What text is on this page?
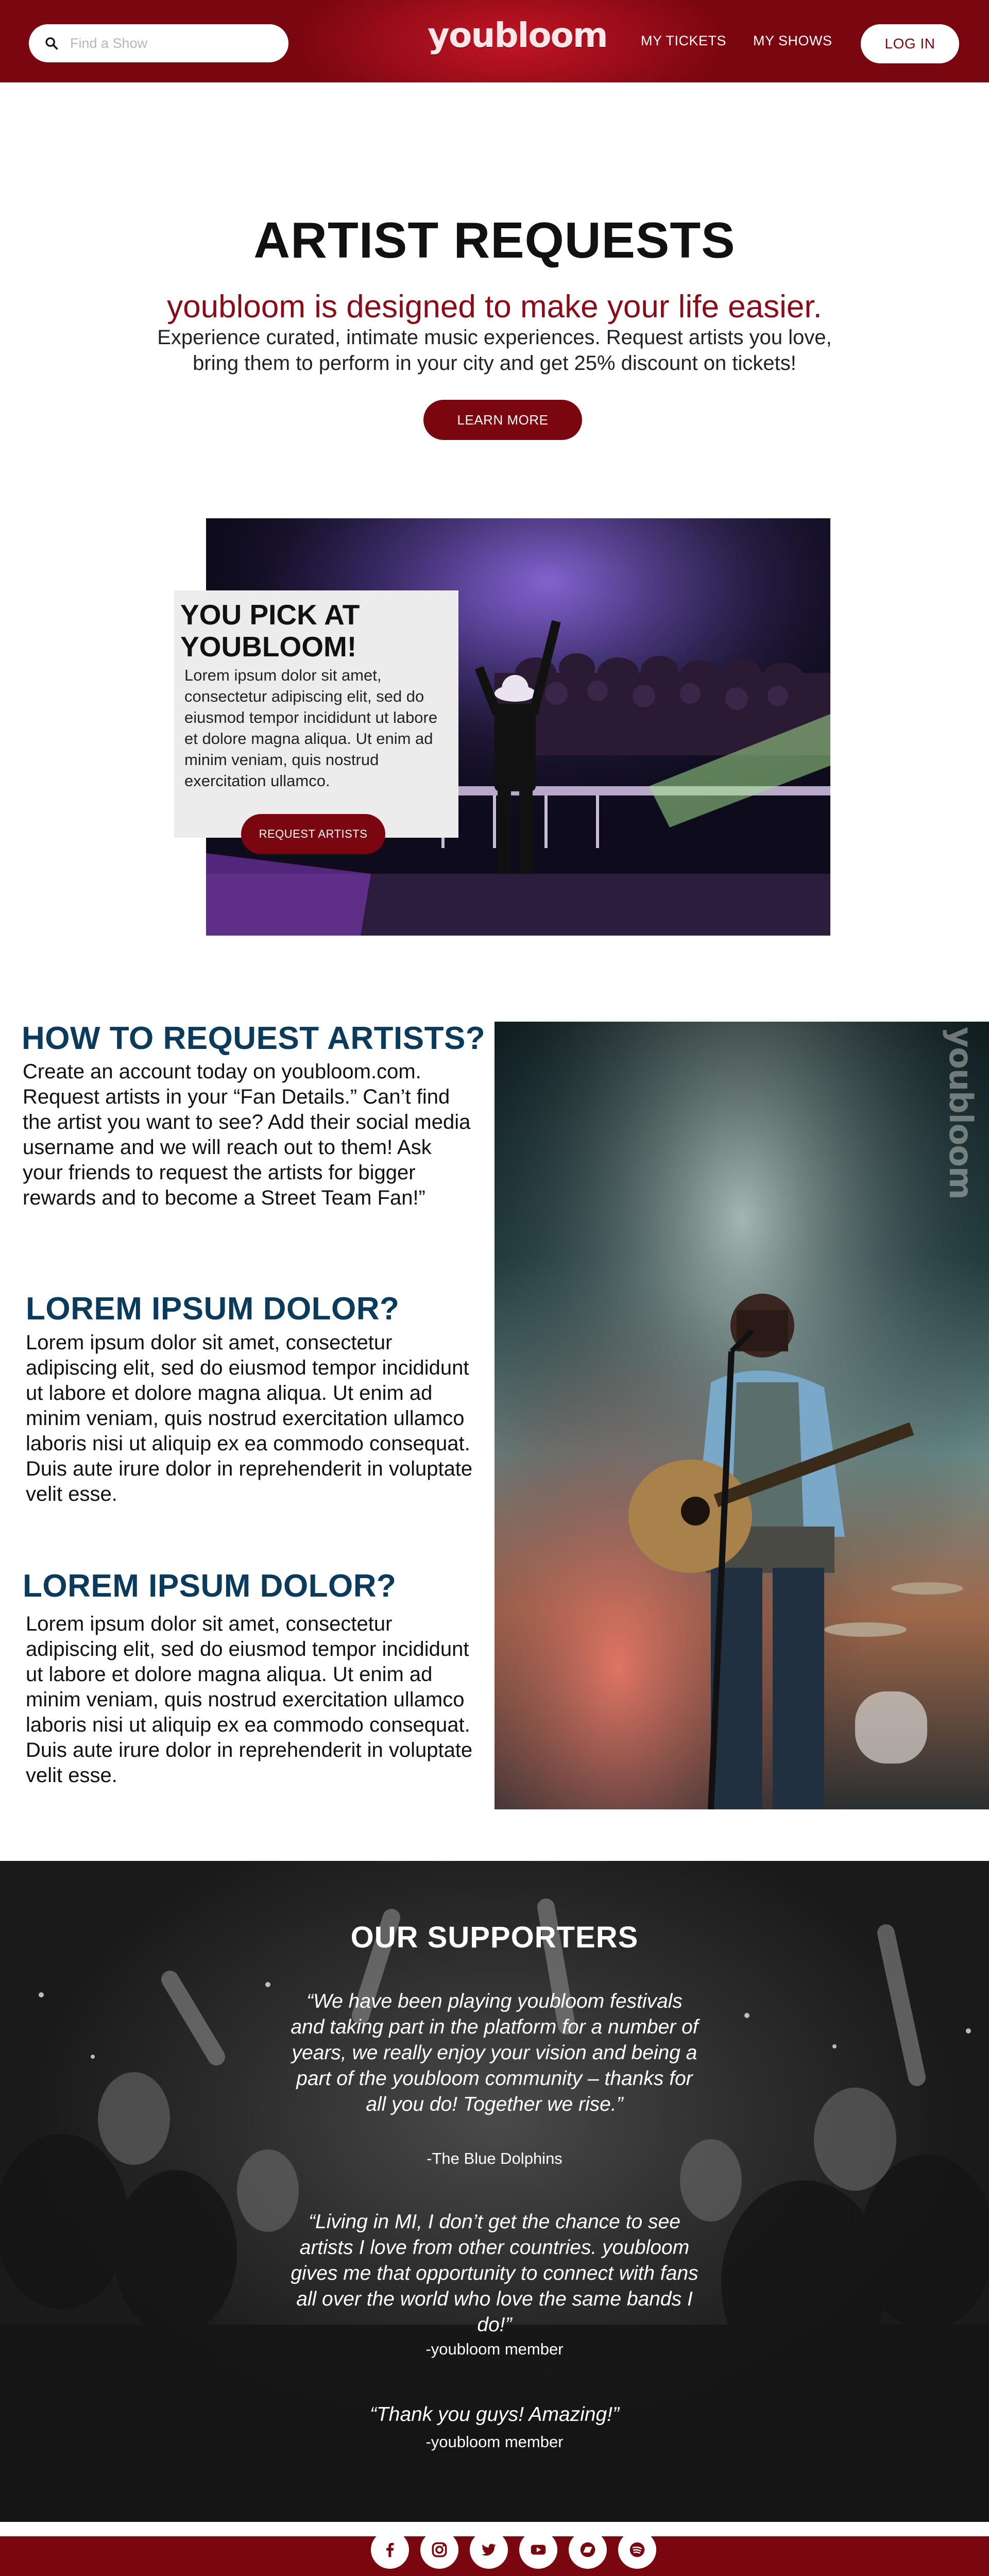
Find a Show
youbloom MY TICKETS MY SHOWS	LOG IN
ARTIST REQUESTS
youbloom is designed to make your life easier.
Experience curated, intimate music experiences. Request artists you love, bring them to perform in your city and get 25% discount on tickets!
LEARN MORE
YOU PICK AT YOUBLOOM!
Lorem ipsum dolor sit amet, consectetur adipiscing elit, sed do eiusmod tempor incididunt ut labore et dolore magna aliqua. Ut enim ad minim veniam, quis nostrud exercitation ullamco.
REQUEST ARTISTS
HOW TO REQUEST ARTISTS?
Create an account today on youbloom.com. Request artists in your “Fan Details.” Can’t find the artist you want to see? Add their social media username and we will reach out to them! Ask your friends to request the artists for bigger rewards and to become a Street Team Fan!”
LOREM IPSUM DOLOR?
Lorem ipsum dolor sit amet, consectetur adipiscing elit, sed do eiusmod tempor incididunt ut labore et dolore magna aliqua. Ut enim ad minim veniam, quis nostrud exercitation ullamco laboris nisi ut aliquip ex ea commodo consequat. Duis aute irure dolor in reprehenderit in voluptate velit esse.
LOREM IPSUM DOLOR?
Lorem ipsum dolor sit amet, consectetur adipiscing elit, sed do eiusmod tempor incididunt ut labore et dolore magna aliqua. Ut enim ad minim veniam, quis nostrud exercitation ullamco laboris nisi ut aliquip ex ea commodo consequat. Duis aute irure dolor in reprehenderit in voluptate velit esse.
youbloom
OUR SUPPORTERS
“We have been playing youbloom festivals and taking part in the platform for a number of years, we really enjoy your vision and being a part of the youbloom community – thanks for all you do! Together we rise.”
-The Blue Dolphins
“Living in MI, I don’t get the chance to see artists I love from other countries. youbloom gives me that opportunity to connect with fans all over the world who love the same bands I do!”
-youbloom member
“Thank you guys! Amazing!”
-youbloom member
